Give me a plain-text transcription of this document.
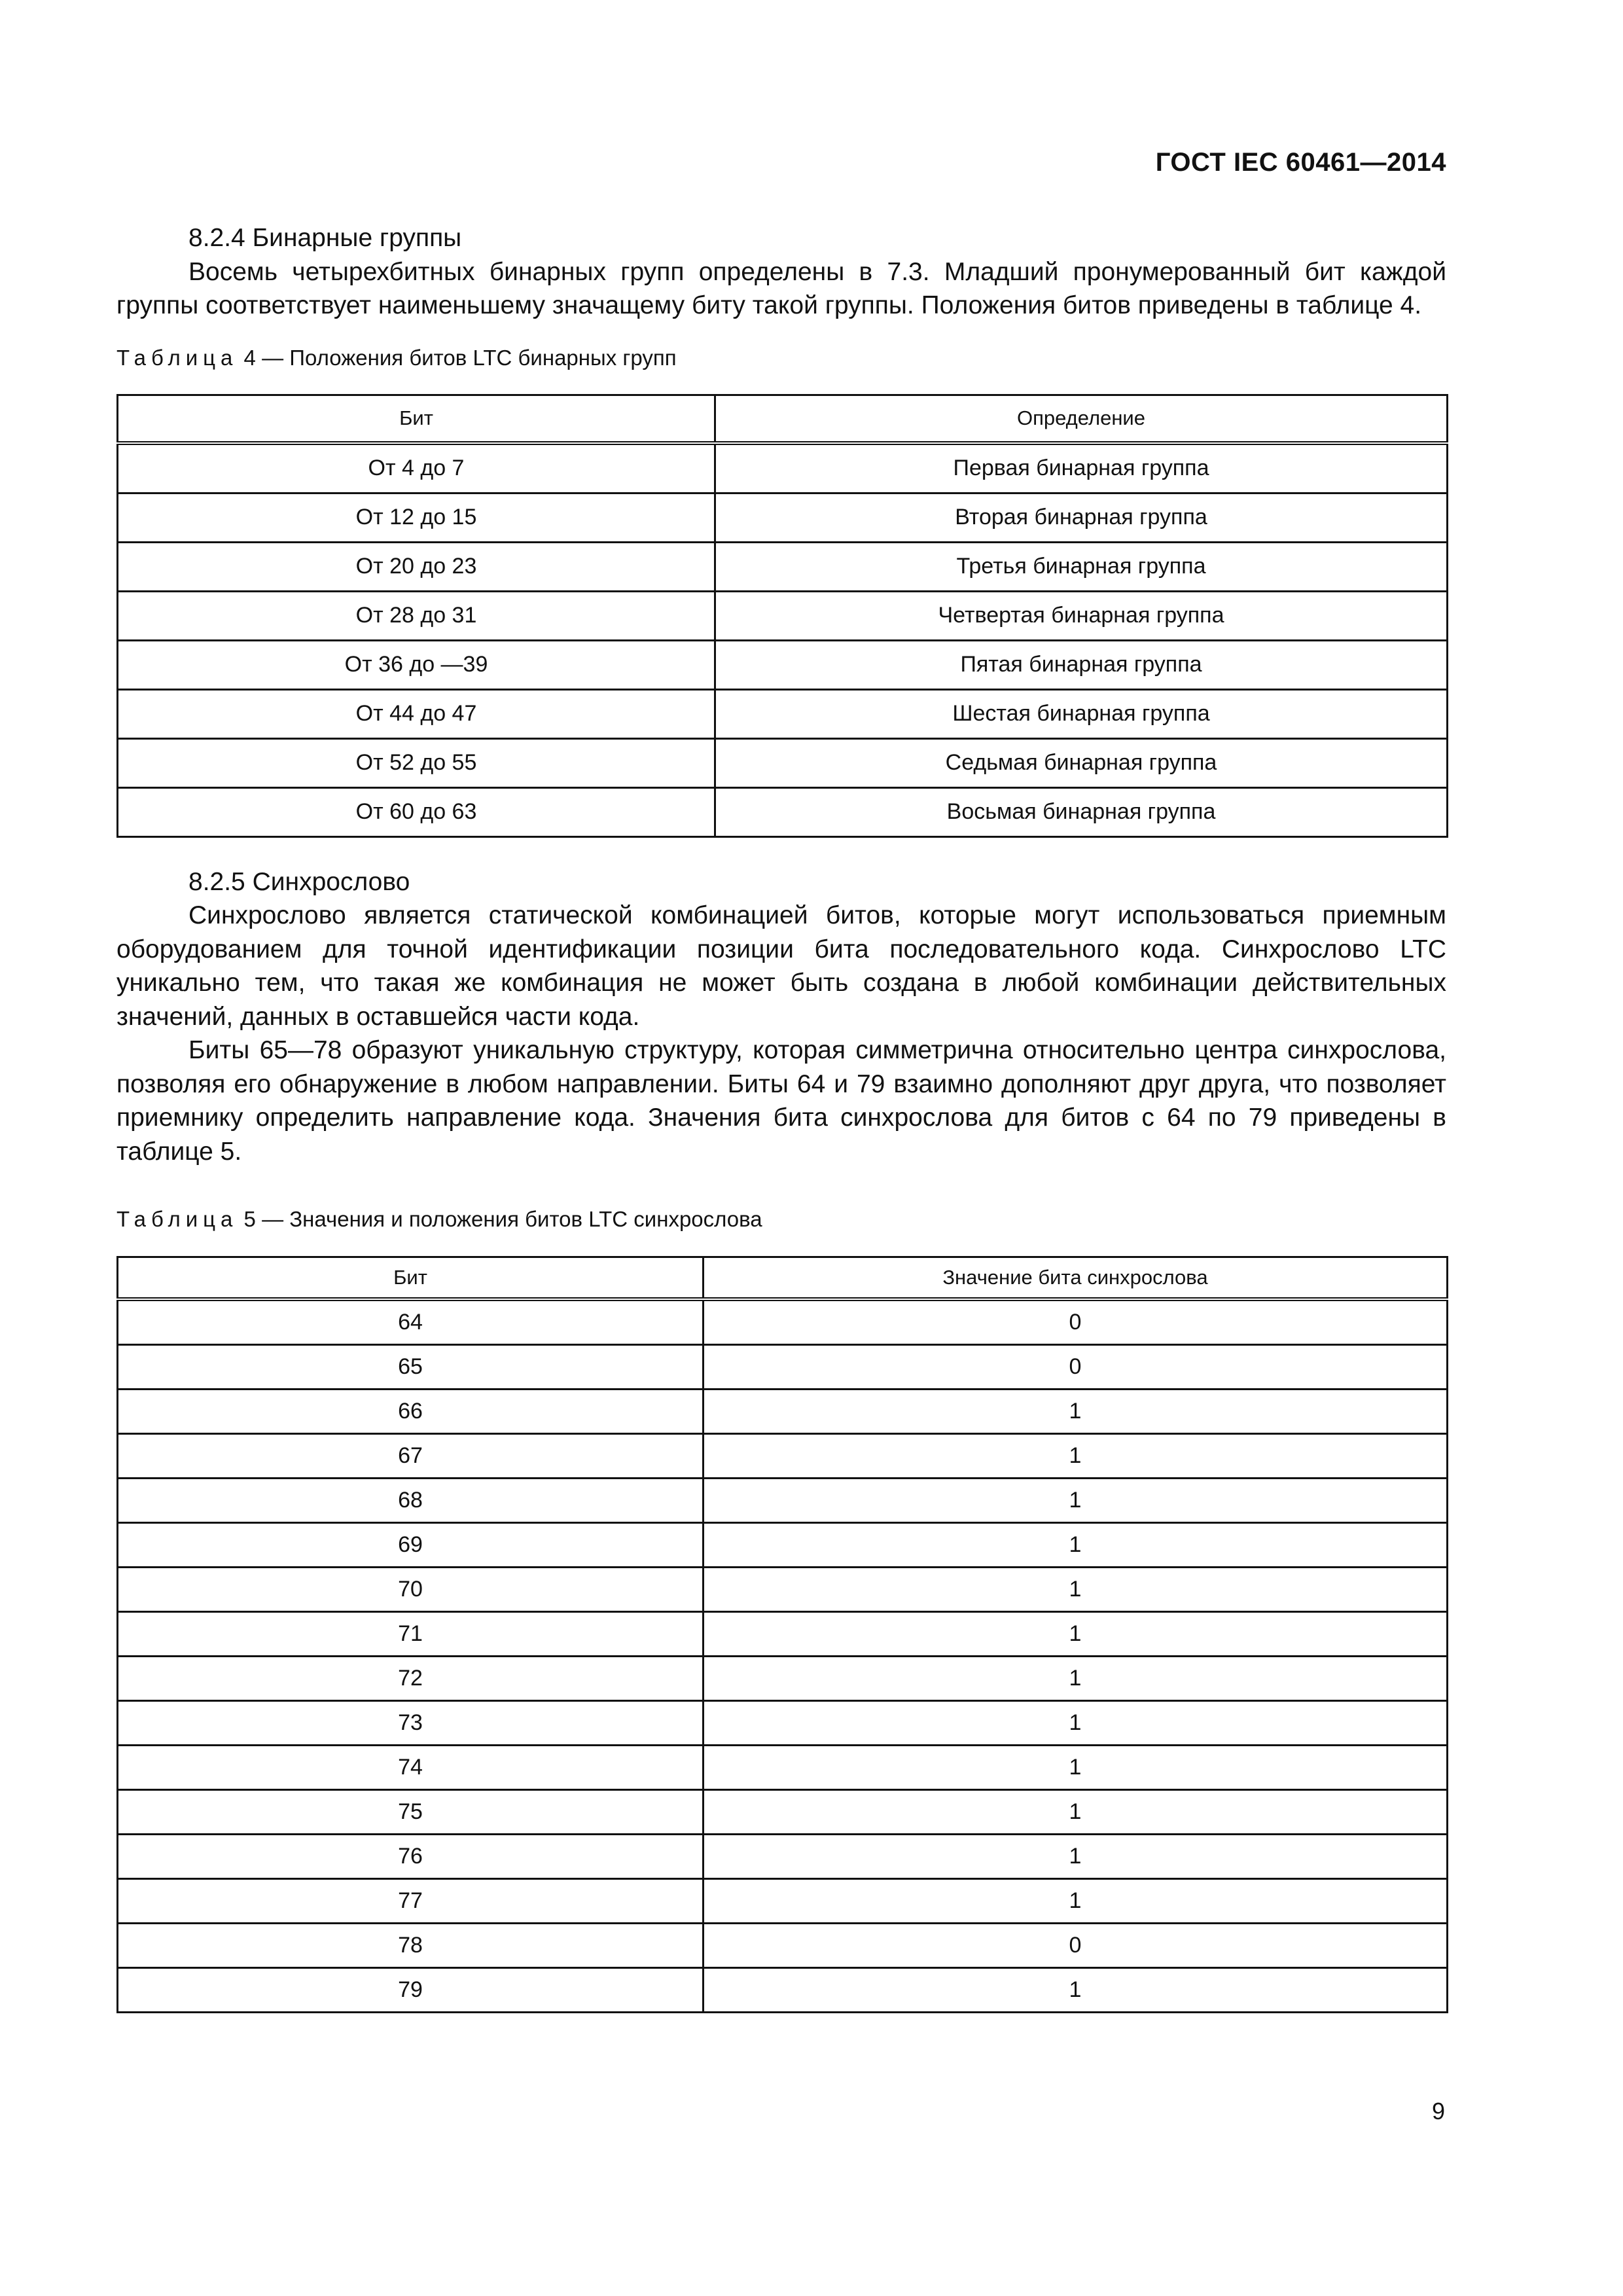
ГОСТ IEC 60461—2014

8.2.4 Бинарные группы

Восемь четырехбитных бинарных групп определены в 7.3. Младший пронумерованный бит каждой группы соответствует наименьшему значащему биту такой группы. Положения битов приведены в таблице 4.

Таблица 4 — Положения битов LTC бинарных групп

Бит	Определение
От 4 до 7	Первая бинарная группа
От 12 до 15	Вторая бинарная группа
От 20 до 23	Третья бинарная группа
От 28 до 31	Четвертая бинарная группа
От 36 до —39	Пятая бинарная группа
От 44 до 47	Шестая бинарная группа
От 52 до 55	Седьмая бинарная группа
От 60 до 63	Восьмая бинарная группа

8.2.5 Синхрослово

Синхрослово является статической комбинацией битов, которые могут использоваться приемным оборудованием для точной идентификации позиции бита последовательного кода. Синхрослово LTC уникально тем, что такая же комбинация не может быть создана в любой комбинации действительных значений, данных в оставшейся части кода.

Биты 65—78 образуют уникальную структуру, которая симметрична относительно центра синхрослова, позволяя его обнаружение в любом направлении. Биты 64 и 79 взаимно дополняют друг друга, что позволяет приемнику определить направление кода. Значения бита синхрослова для битов с 64 по 79 приведены в таблице 5.

Таблица 5 — Значения и положения битов LTC синхрослова

Бит	Значение бита синхрослова
64	0
65	0
66	1
67	1
68	1
69	1
70	1
71	1
72	1
73	1
74	1
75	1
76	1
77	1
78	0
79	1
9
